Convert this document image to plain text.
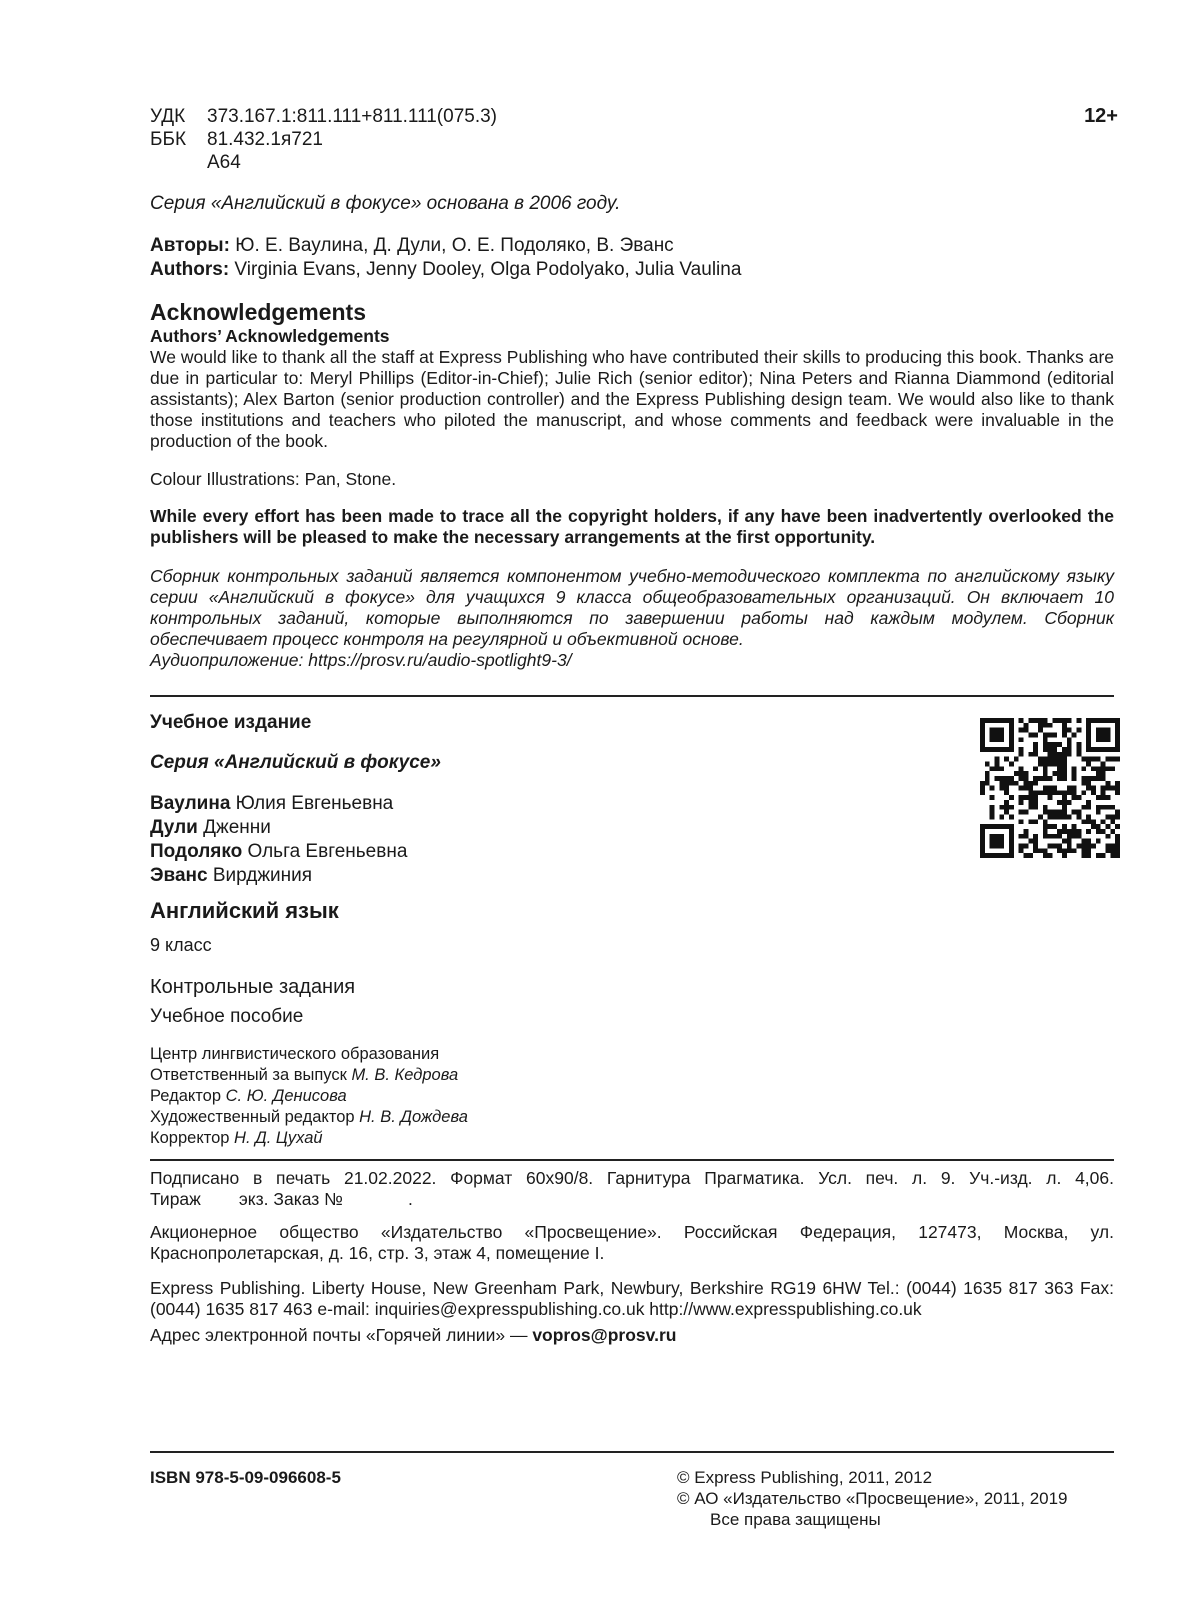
УДК 373.167.1:811.111+811.111(075.3)
ББК 81.432.1я721
А64
12+
Серия «Английский в фокусе» основана в 2006 году.
Авторы: Ю. Е. Ваулина, Д. Дули, О. Е. Подоляко, В. Эванс
Authors: Virginia Evans, Jenny Dooley, Olga Podolyako, Julia Vaulina
Acknowledgements
Authors’ Acknowledgements
We would like to thank all the staff at Express Publishing who have contributed their skills to producing this book. Thanks are due in particular to: Meryl Phillips (Editor-in-Chief); Julie Rich (senior editor); Nina Peters and Rianna Diammond (editorial assistants); Alex Barton (senior production controller) and the Express Publishing design team. We would also like to thank those institutions and teachers who piloted the manuscript, and whose comments and feedback were invaluable in the production of the book.
Colour Illustrations: Pan, Stone.
While every effort has been made to trace all the copyright holders, if any have been inadvertently overlooked the publishers will be pleased to make the necessary arrangements at the first opportunity.
Сборник контрольных заданий является компонентом учебно-методического комплекта по английскому языку серии «Английский в фокусе» для учащихся 9 класса общеобразовательных организаций. Он включает 10 контрольных заданий, которые выполняются по завершении работы над каждым модулем. Сборник обеспечивает процесс контроля на регулярной и объективной основе.
Аудиоприложение: https://prosv.ru/audio-spotlight9-3/
Учебное издание
Серия «Английский в фокусе»
Ваулина Юлия Евгеньевна
Дули Дженни
Подоляко Ольга Евгеньевна
Эванс Вирджиния
Английский язык
9 класс
Контрольные задания
Учебное пособие
Центр лингвистического образования
Ответственный за выпуск М. В. Кедрова
Редактор С. Ю. Денисова
Художественный редактор Н. В. Дождева
Корректор Н. Д. Цухай
Подписано в печать 21.02.2022. Формат 60x90/8. Гарнитура Прагматика. Усл. печ. л. 9. Уч.-изд. л. 4,06.
Тираж экз. Заказ №	.
Акционерное общество «Издательство «Просвещение». Российская Федерация, 127473, Москва, ул. Краснопролетарская, д. 16, стр. 3, этаж 4, помещение I.
Express Publishing. Liberty House, New Greenham Park, Newbury, Berkshire RG19 6HW Tel.: (0044) 1635 817 363 Fax: (0044) 1635 817 463 e-mail: inquiries@expresspublishing.co.uk http://www.expresspublishing.co.uk
Адрес электронной почты «Горячей линии» — vopros@prosv.ru
ISBN 978-5-09-096608-5	© Express Publishing, 2011, 2012
© АО «Издательство «Просвещение», 2011, 2019
Все права защищены
